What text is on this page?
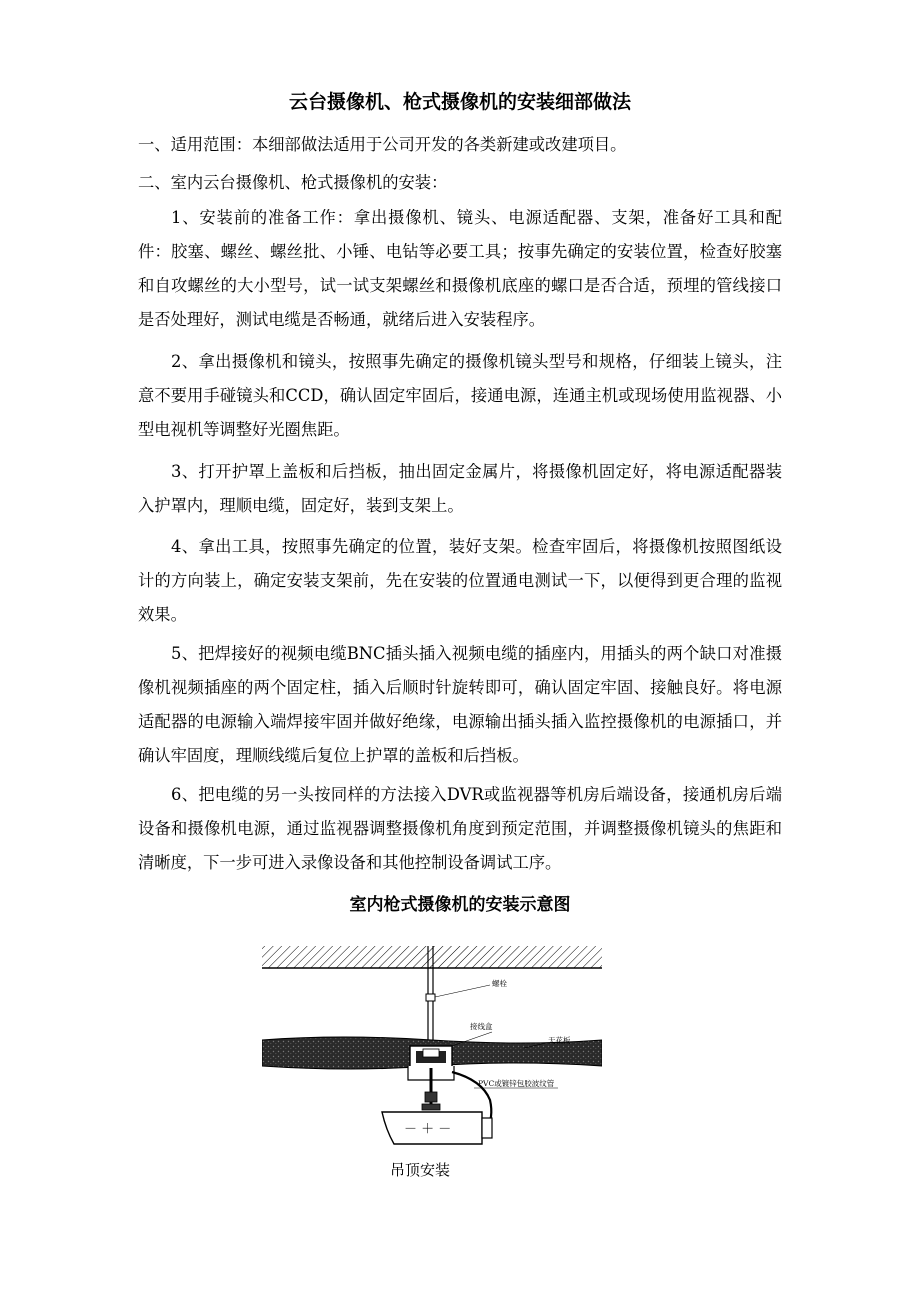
云台摄像机、枪式摄像机的安装细部做法

一、适用范围：本细部做法适用于公司开发的各类新建或改建项目。

二、室内云台摄像机、枪式摄像机的安装：

1、安装前的准备工作：拿出摄像机、镜头、电源适配器、支架，准备好工具和配件：胶塞、螺丝、螺丝批、小锤、电钻等必要工具；按事先确定的安装位置，检查好胶塞和自攻螺丝的大小型号，试一试支架螺丝和摄像机底座的螺口是否合适，预埋的管线接口是否处理好，测试电缆是否畅通，就绪后进入安装程序。

2、拿出摄像机和镜头，按照事先确定的摄像机镜头型号和规格，仔细装上镜头，注意不要用手碰镜头和CCD，确认固定牢固后，接通电源，连通主机或现场使用监视器、小型电视机等调整好光圈焦距。

3、打开护罩上盖板和后挡板，抽出固定金属片，将摄像机固定好，将电源适配器装入护罩内，理顺电缆，固定好，装到支架上。

4、拿出工具，按照事先确定的位置，装好支架。检查牢固后，将摄像机按照图纸设计的方向装上，确定安装支架前，先在安装的位置通电测试一下，以便得到更合理的监视效果。

5、把焊接好的视频电缆BNC插头插入视频电缆的插座内，用插头的两个缺口对准摄像机视频插座的两个固定柱，插入后顺时针旋转即可，确认固定牢固、接触良好。将电源适配器的电源输入端焊接牢固并做好绝缘，电源输出插头插入监控摄像机的电源插口，并确认牢固度，理顺线缆后复位上护罩的盖板和后挡板。

6、把电缆的另一头按同样的方法接入DVR或监视器等机房后端设备，接通机房后端设备和摄像机电源，通过监视器调整摄像机角度到预定范围，并调整摄像机镜头的焦距和清晰度，下一步可进入录像设备和其他控制设备调试工序。

室内枪式摄像机的安装示意图
螺栓
天花板
接线盒
PVC或镀锌包胶波纹管
－ ＋ －
吊顶安装
